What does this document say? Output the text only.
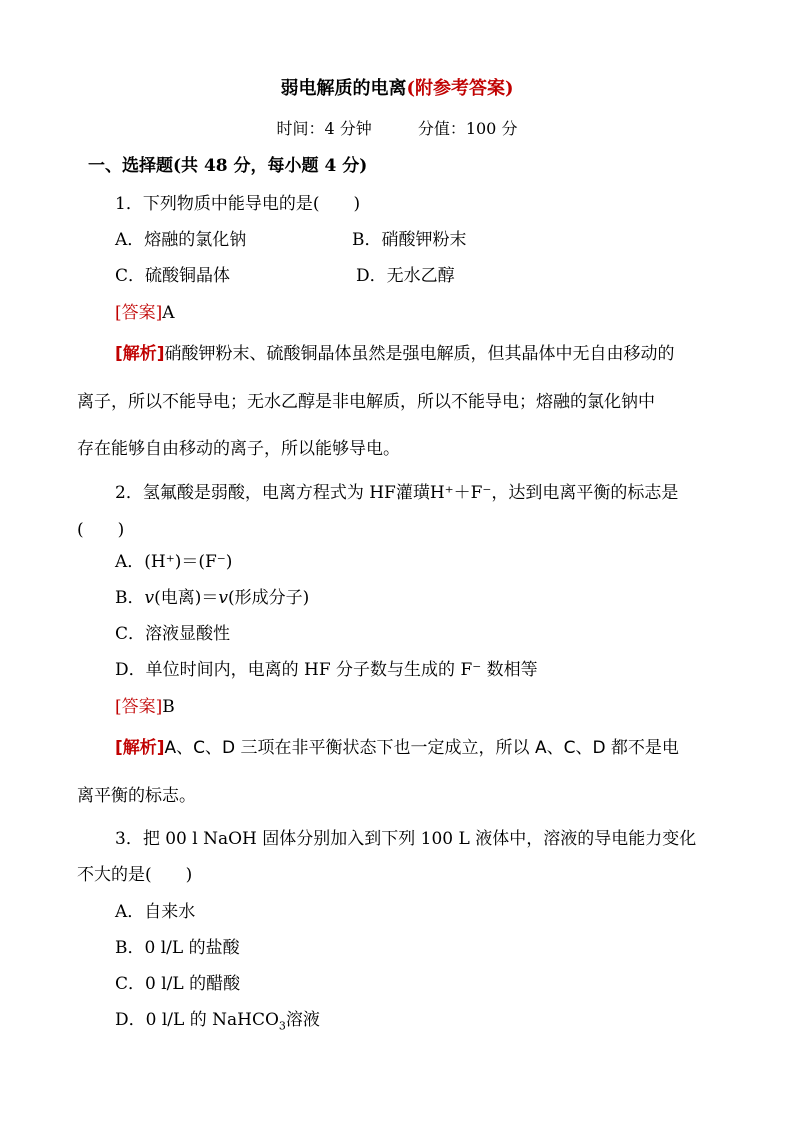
弱电解质的电离(附参考答案)
时间：4 分钟	分值：100 分
一、选择题(共 48 分，每小题 4 分)
1．下列物质中能导电的是(　　)
A．熔融的氯化钠	B．硝酸钾粉末
C．硫酸铜晶体	D．无水乙醇
[答案]A
[解析]硝酸钾粉末、硫酸铜晶体虽然是强电解质，但其晶体中无自由移动的
离子，所以不能导电；无水乙醇是非电解质，所以不能导电；熔融的氯化钠中
存在能够自由移动的离子，所以能够导电。
2．氢氟酸是弱酸，电离方程式为 HF灌璜H⁺＋F⁻，达到电离平衡的标志是
(　　)
A．(H⁺)＝(F⁻)
B．v(电离)＝v(形成分子)
C．溶液显酸性
D．单位时间内，电离的 HF 分子数与生成的 F⁻ 数相等
[答案]B
[解析]A、C、D 三项在非平衡状态下也一定成立，所以 A、C、D 都不是电
离平衡的标志。
3．把 00 l NaOH 固体分别加入到下列 100 L 液体中，溶液的导电能力变化
不大的是(　　)
A．自来水
B．0 l/L 的盐酸
C．0 l/L 的醋酸
D．0 l/L 的 NaHCO$_3$溶液
